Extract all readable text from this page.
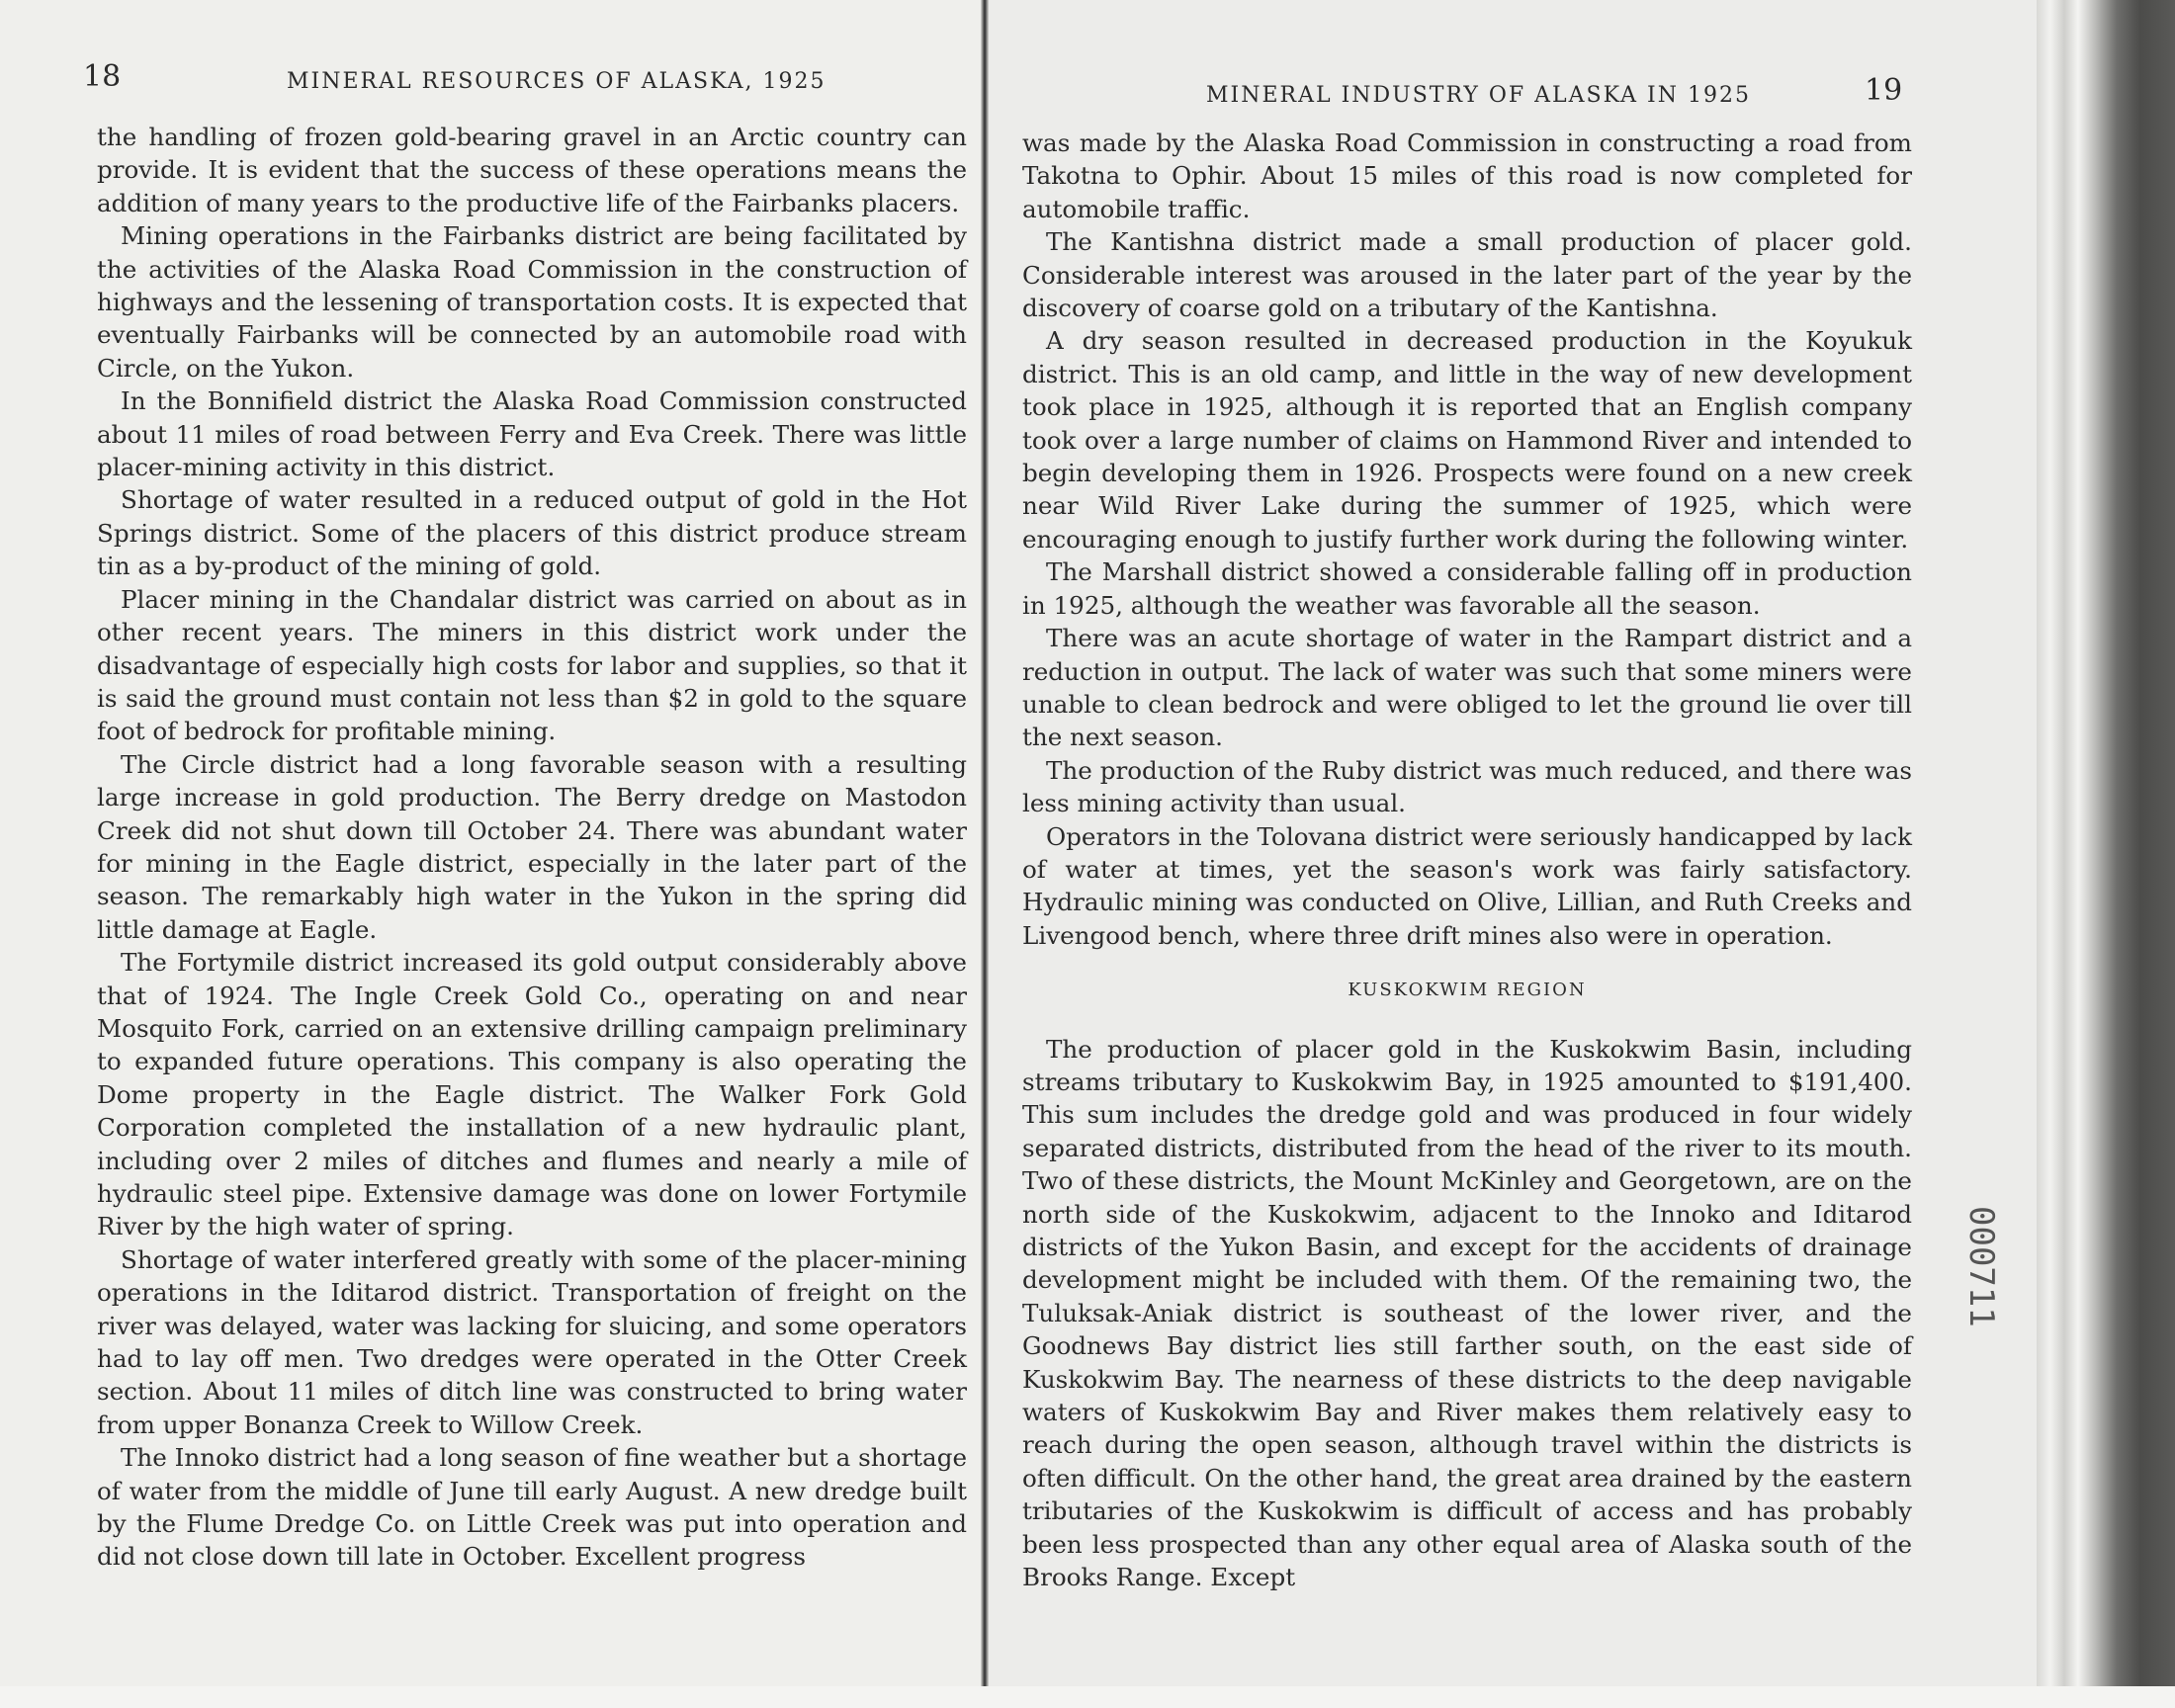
18	MINERAL RESOURCES OF ALASKA, 1925

the handling of frozen gold-bearing gravel in an Arctic country can provide. It is evident that the success of these operations means the addition of many years to the productive life of the Fairbanks placers.

Mining operations in the Fairbanks district are being facilitated by the activities of the Alaska Road Commission in the construction of highways and the lessening of transportation costs. It is expected that eventually Fairbanks will be connected by an automobile road with Circle, on the Yukon.

In the Bonnifield district the Alaska Road Commission constructed about 11 miles of road between Ferry and Eva Creek. There was little placer-mining activity in this district.

Shortage of water resulted in a reduced output of gold in the Hot Springs district. Some of the placers of this district produce stream tin as a by-product of the mining of gold.

Placer mining in the Chandalar district was carried on about as in other recent years. The miners in this district work under the disadvantage of especially high costs for labor and supplies, so that it is said the ground must contain not less than $2 in gold to the square foot of bedrock for profitable mining.

The Circle district had a long favorable season with a resulting large increase in gold production. The Berry dredge on Mastodon Creek did not shut down till October 24. There was abundant water for mining in the Eagle district, especially in the later part of the season. The remarkably high water in the Yukon in the spring did little damage at Eagle.

The Fortymile district increased its gold output considerably above that of 1924. The Ingle Creek Gold Co., operating on and near Mosquito Fork, carried on an extensive drilling campaign preliminary to expanded future operations. This company is also operating the Dome property in the Eagle district. The Walker Fork Gold Corporation completed the installation of a new hydraulic plant, including over 2 miles of ditches and flumes and nearly a mile of hydraulic steel pipe. Extensive damage was done on lower Fortymile River by the high water of spring.

Shortage of water interfered greatly with some of the placer-mining operations in the Iditarod district. Transportation of freight on the river was delayed, water was lacking for sluicing, and some operators had to lay off men. Two dredges were operated in the Otter Creek section. About 11 miles of ditch line was constructed to bring water from upper Bonanza Creek to Willow Creek.

The Innoko district had a long season of fine weather but a shortage of water from the middle of June till early August. A new dredge built by the Flume Dredge Co. on Little Creek was put into operation and did not close down till late in October. Excellent progress

MINERAL INDUSTRY OF ALASKA IN 1925	19

was made by the Alaska Road Commission in constructing a road from Takotna to Ophir. About 15 miles of this road is now completed for automobile traffic.

The Kantishna district made a small production of placer gold. Considerable interest was aroused in the later part of the year by the discovery of coarse gold on a tributary of the Kantishna.

A dry season resulted in decreased production in the Koyukuk district. This is an old camp, and little in the way of new development took place in 1925, although it is reported that an English company took over a large number of claims on Hammond River and intended to begin developing them in 1926. Prospects were found on a new creek near Wild River Lake during the summer of 1925, which were encouraging enough to justify further work during the following winter.

The Marshall district showed a considerable falling off in production in 1925, although the weather was favorable all the season.

There was an acute shortage of water in the Rampart district and a reduction in output. The lack of water was such that some miners were unable to clean bedrock and were obliged to let the ground lie over till the next season.

The production of the Ruby district was much reduced, and there was less mining activity than usual.

Operators in the Tolovana district were seriously handicapped by lack of water at times, yet the season's work was fairly satisfactory. Hydraulic mining was conducted on Olive, Lillian, and Ruth Creeks and Livengood bench, where three drift mines also were in operation.

KUSKOKWIM REGION

The production of placer gold in the Kuskokwim Basin, including streams tributary to Kuskokwim Bay, in 1925 amounted to $191,400. This sum includes the dredge gold and was produced in four widely separated districts, distributed from the head of the river to its mouth. Two of these districts, the Mount McKinley and Georgetown, are on the north side of the Kuskokwim, adjacent to the Innoko and Iditarod districts of the Yukon Basin, and except for the accidents of drainage development might be included with them. Of the remaining two, the Tuluksak-Aniak district is southeast of the lower river, and the Goodnews Bay district lies still farther south, on the east side of Kuskokwim Bay. The nearness of these districts to the deep navigable waters of Kuskokwim Bay and River makes them relatively easy to reach during the open season, although travel within the districts is often difficult. On the other hand, the great area drained by the eastern tributaries of the Kuskokwim is difficult of access and has probably been less prospected than any other equal area of Alaska south of the Brooks Range. Except

000711
